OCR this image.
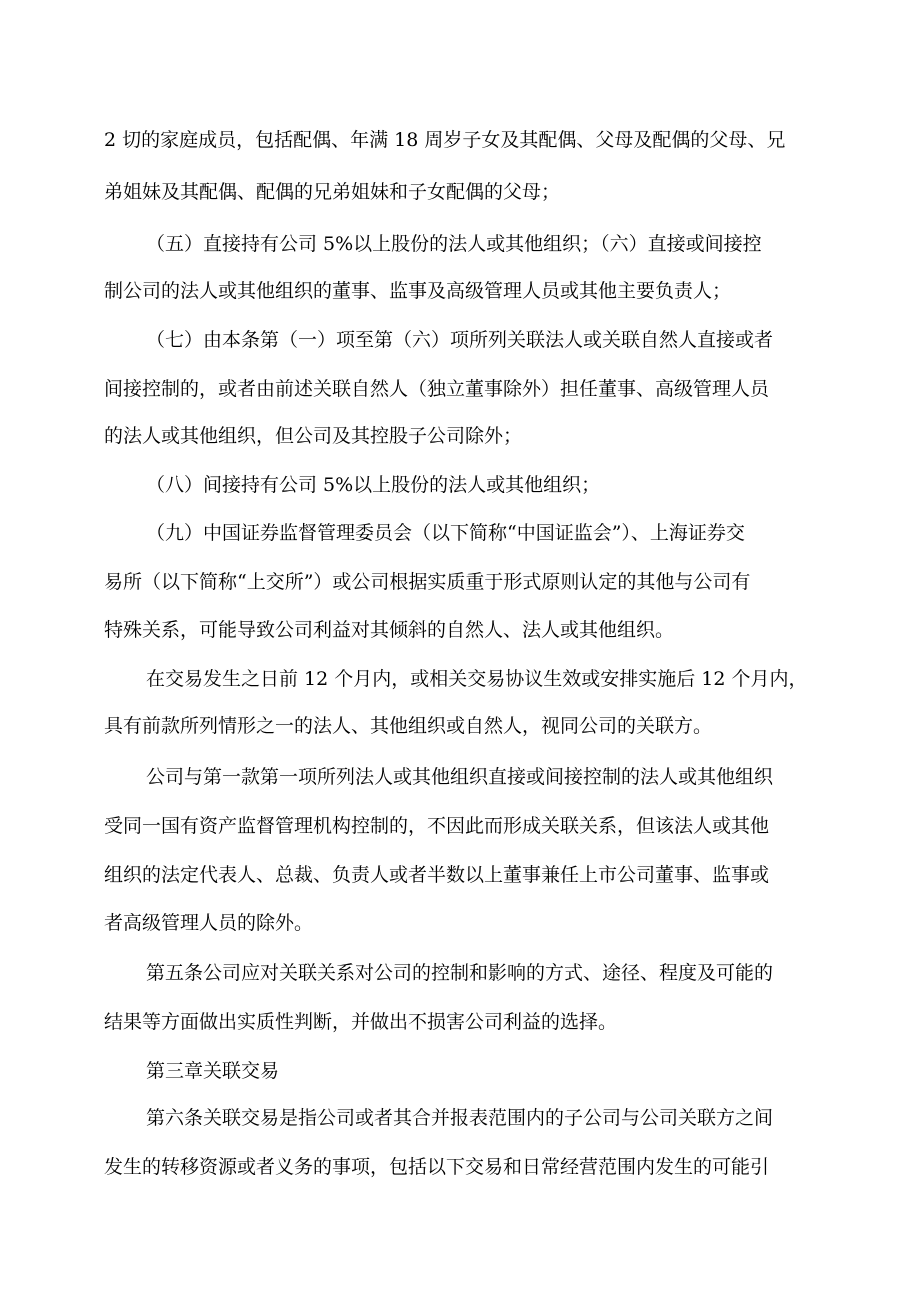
2 切的家庭成员，包括配偶、年满 18 周岁子女及其配偶、父母及配偶的父母、兄

弟姐妹及其配偶、配偶的兄弟姐妹和子女配偶的父母；

（五）直接持有公司 5%以上股份的法人或其他组织；（六）直接或间接控

制公司的法人或其他组织的董事、监事及高级管理人员或其他主要负责人；

（七）由本条第（一）项至第（六）项所列关联法人或关联自然人直接或者

间接控制的，或者由前述关联自然人（独立董事除外）担任董事、高级管理人员

的法人或其他组织，但公司及其控股子公司除外；

（八）间接持有公司 5%以上股份的法人或其他组织；

（九）中国证券监督管理委员会（以下简称“中国证监会”）、上海证券交

易所（以下简称“上交所”）或公司根据实质重于形式原则认定的其他与公司有

特殊关系，可能导致公司利益对其倾斜的自然人、法人或其他组织。

在交易发生之日前 12 个月内，或相关交易协议生效或安排实施后 12 个月内，

具有前款所列情形之一的法人、其他组织或自然人，视同公司的关联方。

公司与第一款第一项所列法人或其他组织直接或间接控制的法人或其他组织

受同一国有资产监督管理机构控制的，不因此而形成关联关系，但该法人或其他

组织的法定代表人、总裁、负责人或者半数以上董事兼任上市公司董事、监事或

者高级管理人员的除外。

第五条公司应对关联关系对公司的控制和影响的方式、途径、程度及可能的

结果等方面做出实质性判断，并做出不损害公司利益的选择。

第三章关联交易

第六条关联交易是指公司或者其合并报表范围内的子公司与公司关联方之间

发生的转移资源或者义务的事项，包括以下交易和日常经营范围内发生的可能引
